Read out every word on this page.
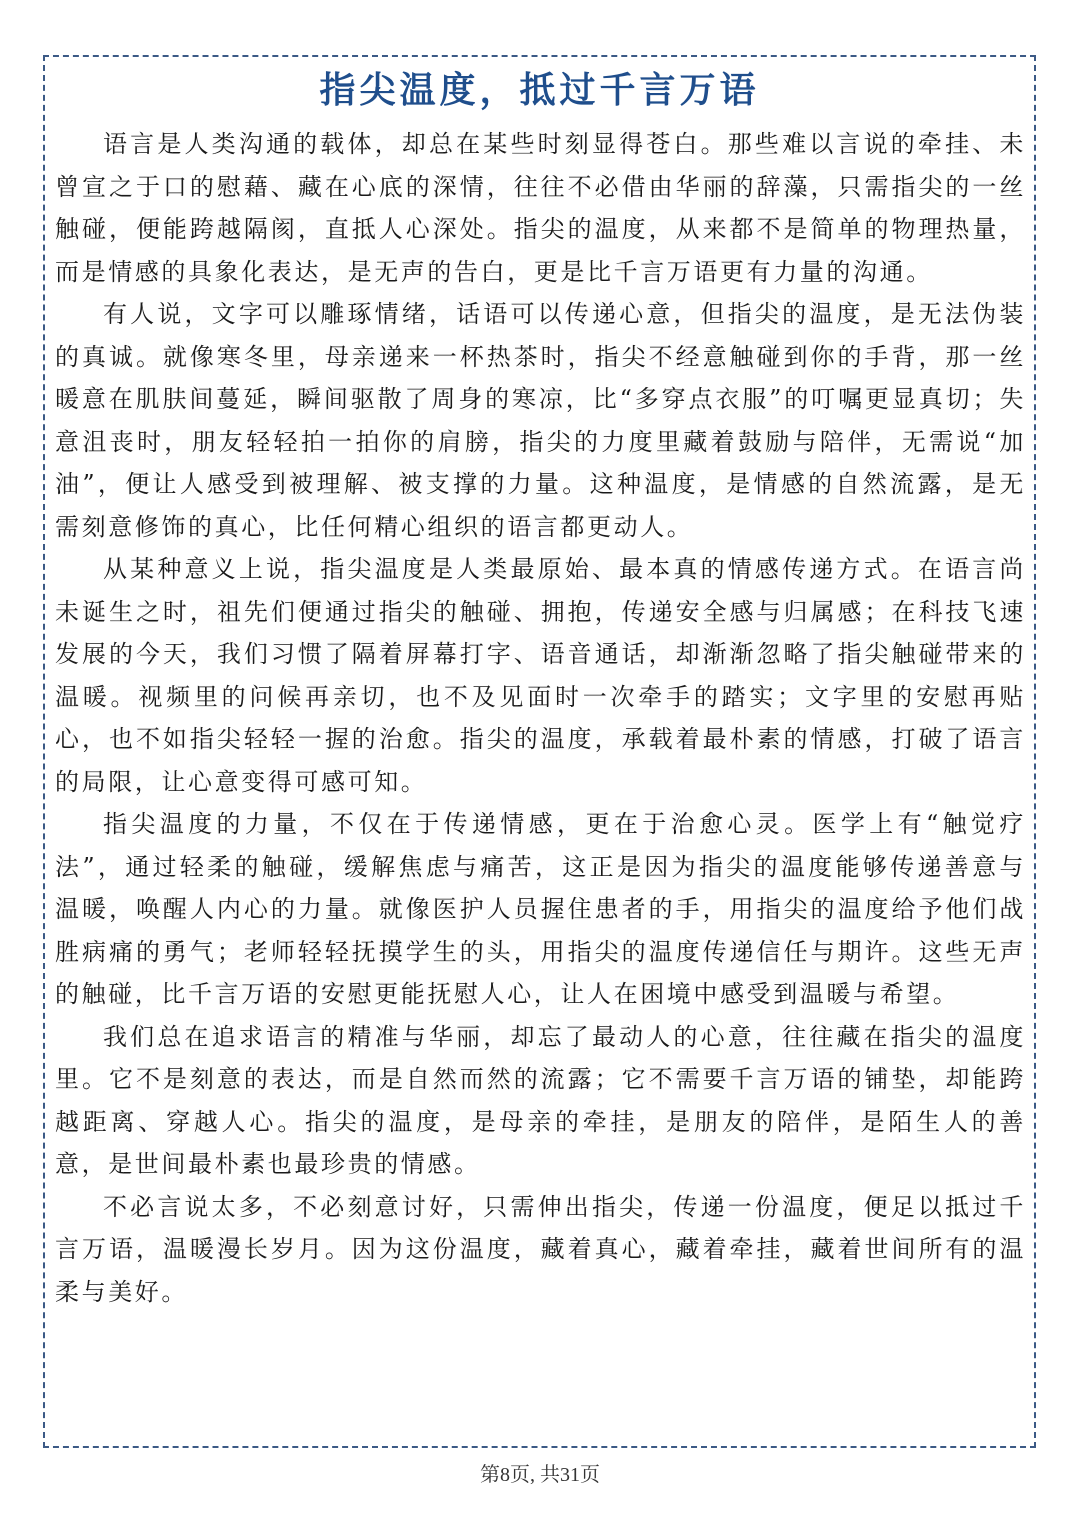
指尖温度，抵过千言万语

语言是人类沟通的载体，却总在某些时刻显得苍白。那些难以言说的牵挂、未曾宣之于口的慰藉、藏在心底的深情，往往不必借由华丽的辞藻，只需指尖的一丝触碰，便能跨越隔阂，直抵人心深处。指尖的温度，从来都不是简单的物理热量，而是情感的具象化表达，是无声的告白，更是比千言万语更有力量的沟通。

有人说，文字可以雕琢情绪，话语可以传递心意，但指尖的温度，是无法伪装的真诚。就像寒冬里，母亲递来一杯热茶时，指尖不经意触碰到你的手背，那一丝暖意在肌肤间蔓延，瞬间驱散了周身的寒凉，比“多穿点衣服”的叮嘱更显真切；失意沮丧时，朋友轻轻拍一拍你的肩膀，指尖的力度里藏着鼓励与陪伴，无需说“加油”，便让人感受到被理解、被支撑的力量。这种温度，是情感的自然流露，是无需刻意修饰的真心，比任何精心组织的语言都更动人。

从某种意义上说，指尖温度是人类最原始、最本真的情感传递方式。在语言尚未诞生之时，祖先们便通过指尖的触碰、拥抱，传递安全感与归属感；在科技飞速发展的今天，我们习惯了隔着屏幕打字、语音通话，却渐渐忽略了指尖触碰带来的温暖。视频里的问候再亲切，也不及见面时一次牵手的踏实；文字里的安慰再贴心，也不如指尖轻轻一握的治愈。指尖的温度，承载着最朴素的情感，打破了语言的局限，让心意变得可感可知。

指尖温度的力量，不仅在于传递情感，更在于治愈心灵。医学上有“触觉疗法”，通过轻柔的触碰，缓解焦虑与痛苦，这正是因为指尖的温度能够传递善意与温暖，唤醒人内心的力量。就像医护人员握住患者的手，用指尖的温度给予他们战胜病痛的勇气；老师轻轻抚摸学生的头，用指尖的温度传递信任与期许。这些无声的触碰，比千言万语的安慰更能抚慰人心，让人在困境中感受到温暖与希望。

我们总在追求语言的精准与华丽，却忘了最动人的心意，往往藏在指尖的温度里。它不是刻意的表达，而是自然而然的流露；它不需要千言万语的铺垫，却能跨越距离、穿越人心。指尖的温度，是母亲的牵挂，是朋友的陪伴，是陌生人的善意，是世间最朴素也最珍贵的情感。

不必言说太多，不必刻意讨好，只需伸出指尖，传递一份温度，便足以抵过千言万语，温暖漫长岁月。因为这份温度，藏着真心，藏着牵挂，藏着世间所有的温柔与美好。

第8页, 共31页
